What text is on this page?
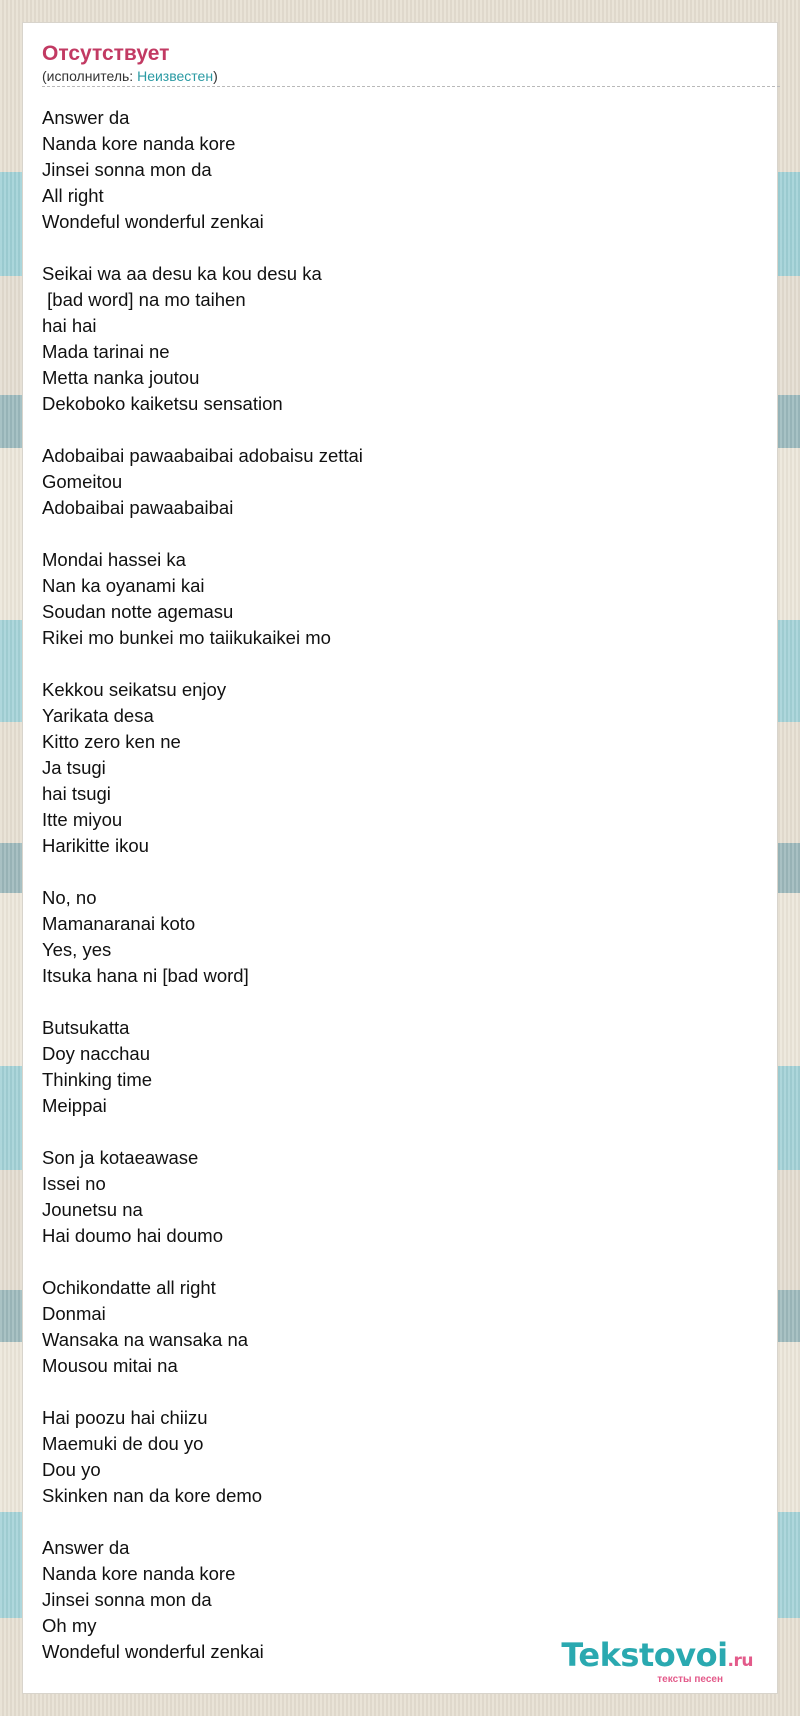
Отсутствует
(исполнитель: Неизвестен)
Answer da
Nanda kore nanda kore
Jinsei sonna mon da
All right
Wondeful wonderful zenkai
Seikai wa aa desu ka kou desu ka
[bad word] na mo taihen
hai hai
Mada tarinai ne
Metta nanka joutou
Dekoboko kaiketsu sensation
Adobaibai pawaabaibai adobaisu zettai
Gomeitou
Adobaibai pawaabaibai
Mondai hassei ka
Nan ka oyanami kai
Soudan notte agemasu
Rikei mo bunkei mo taiikukaikei mo
Kekkou seikatsu enjoy
Yarikata desa
Kitto zero ken ne
Ja tsugi
hai tsugi
Itte miyou
Harikitte ikou
No, no
Mamanaranai koto
Yes, yes
Itsuka hana ni [bad word]
Butsukatta
Doy nacchau
Thinking time
Meippai
Son ja kotaeawase
Issei no
Jounetsu na
Hai doumo hai doumo
Ochikondatte all right
Donmai
Wansaka na wansaka na
Mousou mitai na
Hai poozu hai chiizu
Maemuki de dou yo
Dou yo
Skinken nan da kore demo
Answer da
Nanda kore nanda kore
Jinsei sonna mon da
Oh my
Wondeful wonderful zenkai	Tekstovoi.ru
тексты песен
